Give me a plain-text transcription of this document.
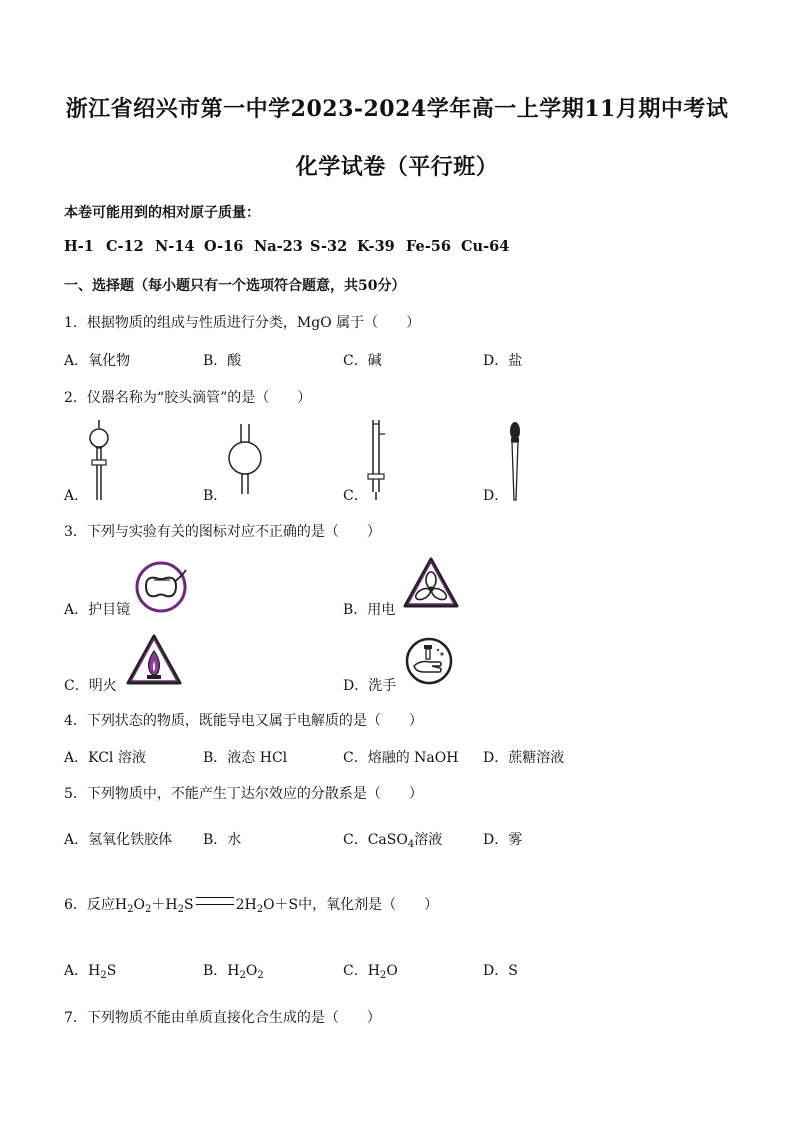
浙江省绍兴市第一中学2023-2024学年高一上学期11月期中考试
化学试卷（平行班）
本卷可能用到的相对原子质量：
H-1 C-12 N-14 O-16 Na-23 S-32 K-39 Fe-56 Cu-64
一、选择题（每小题只有一个选项符合题意，共50分）
1．根据物质的组成与性质进行分类，MgO 属于（　　）
A．氧化物	B．酸	C．碱	D．盐
2．仪器名称为“胶头滴管”的是（　　）
A．	B．	C．	D．
3．下列与实验有关的图标对应不正确的是（　　）
A．护目镜	B．用电
C．明火	D．洗手
4．下列状态的物质，既能导电又属于电解质的是（　　）
A．KCl 溶液	B．液态 HCl	C．熔融的 NaOH D．蔗糖溶液
5．下列物质中，不能产生丁达尔效应的分散系是（　　）
A．氢氧化铁胶体 B．水	C．CaSO$_4$溶液	D．雾
6．反应$H_2O_2+H_2S$	$2H_2O+S$中，氧化剂是（　　）
A．$H_2S$	B．$H_2O_2$	C．$H_2O$	D．S
7．下列物质不能由单质直接化合生成的是（　　）
